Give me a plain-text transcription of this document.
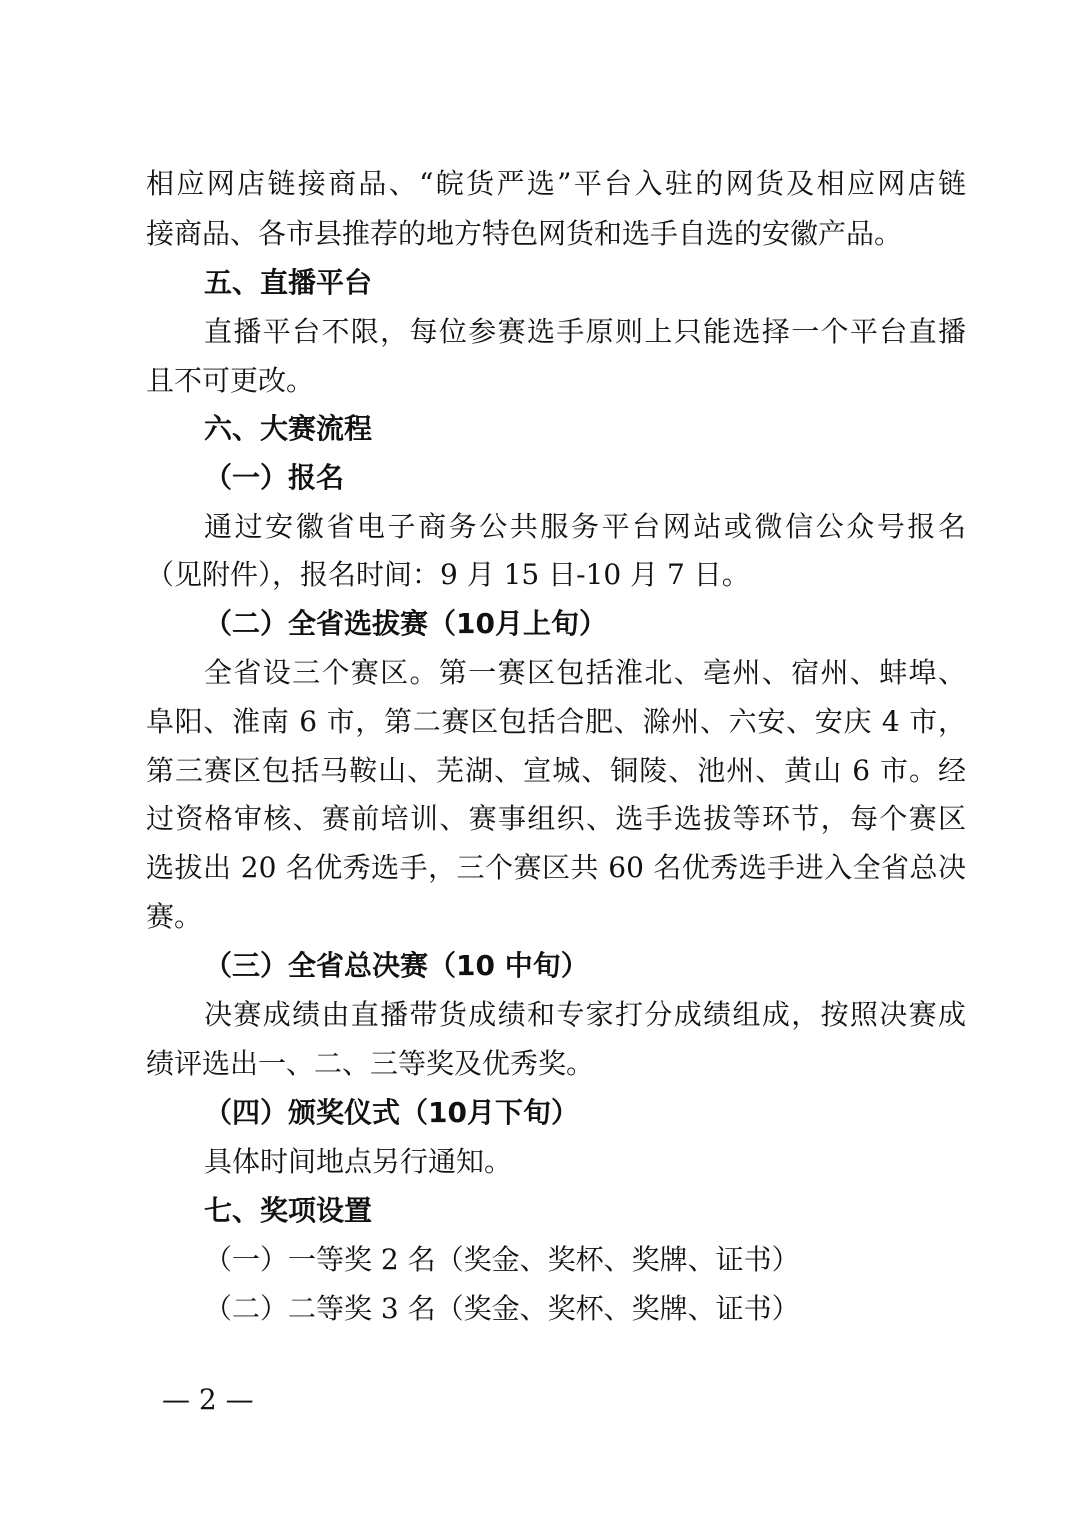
相应网店链接商品、“皖货严选”平台入驻的网货及相应网店链
接商品、各市县推荐的地方特色网货和选手自选的安徽产品。
五、直播平台
直播平台不限，每位参赛选手原则上只能选择一个平台直播
且不可更改。
六、大赛流程
（一）报名
通过安徽省电子商务公共服务平台网站或微信公众号报名
（见附件），报名时间：9 月 15 日-10 月 7 日。
（二）全省选拔赛（10月上旬）
全省设三个赛区。第一赛区包括淮北、亳州、宿州、蚌埠、
阜阳、淮南 6 市，第二赛区包括合肥、滁州、六安、安庆 4 市，
第三赛区包括马鞍山、芜湖、宣城、铜陵、池州、黄山 6 市。经
过资格审核、赛前培训、赛事组织、选手选拔等环节，每个赛区
选拔出 20 名优秀选手，三个赛区共 60 名优秀选手进入全省总决
赛。
（三）全省总决赛（10 中旬）
决赛成绩由直播带货成绩和专家打分成绩组成，按照决赛成
绩评选出一、二、三等奖及优秀奖。
（四）颁奖仪式（10月下旬）
具体时间地点另行通知。
七、奖项设置
（一）一等奖 2 名（奖金、奖杯、奖牌、证书）
（二）二等奖 3 名（奖金、奖杯、奖牌、证书）
— 2 —
